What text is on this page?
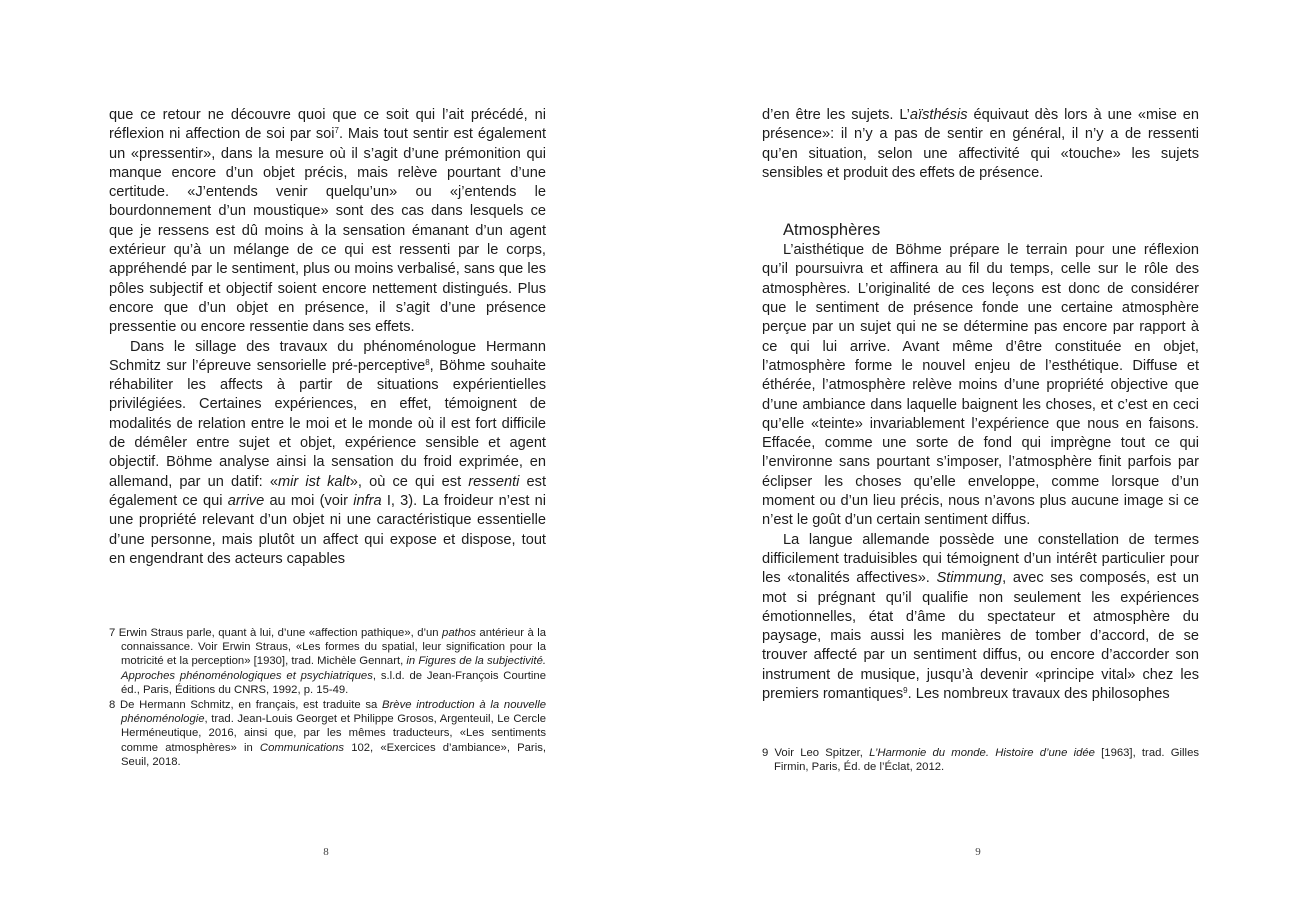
que ce retour ne découvre quoi que ce soit qui l’ait précédé, ni réflexion ni affection de soi par soi$^7$. Mais tout sentir est également un «pressentir», dans la mesure où il s’agit d’une prémonition qui manque encore d’un objet précis, mais relève pourtant d’une certitude. «J’entends venir quelqu’un» ou «j’entends le bourdonnement d’un moustique» sont des cas dans lesquels ce que je ressens est dû moins à la sensation émanant d’un agent extérieur qu’à un mélange de ce qui est ressenti par le corps, appréhendé par le sentiment, plus ou moins verbalisé, sans que les pôles subjectif et objectif soient encore nettement distingués. Plus encore que d’un objet en présence, il s’agit d’une présence pressentie ou encore ressentie dans ses effets.

Dans le sillage des travaux du phénoménologue Hermann Schmitz sur l’épreuve sensorielle pré-perceptive$^8$, Böhme souhaite réhabiliter les affects à partir de situations expérientielles privilégiées. Certaines expériences, en effet, témoignent de modalités de relation entre le moi et le monde où il est fort difficile de démêler entre sujet et objet, expérience sensible et agent objectif. Böhme analyse ainsi la sensation du froid exprimée, en allemand, par un datif: «mir ist kalt», où ce qui est ressenti est également ce qui arrive au moi (voir infra I, 3). La froideur n’est ni une propriété relevant d’un objet ni une caractéristique essentielle d’une personne, mais plutôt un affect qui expose et dispose, tout en engendrant des acteurs capables

7 Erwin Straus parle, quant à lui, d’une «affection pathique», d’un pathos antérieur à la connaissance. Voir Erwin Straus, «Les formes du spatial, leur signification pour la motricité et la perception» [1930], trad. Michèle Gennart, in Figures de la subjectivité. Approches phénoménologiques et psychiatriques, s.l.d. de Jean-François Courtine éd., Paris, Éditions du CNRS, 1992, p. 15-49.

8 De Hermann Schmitz, en français, est traduite sa Brève introduction à la nouvelle phénoménologie, trad. Jean-Louis Georget et Philippe Grosos, Argenteuil, Le Cercle Herméneutique, 2016, ainsi que, par les mêmes traducteurs, «Les sentiments comme atmosphères» in Communications 102, «Exercices d’ambiance», Paris, Seuil, 2018.

8

d’en être les sujets. L’aïsthésis équivaut dès lors à une «mise en présence»: il n’y a pas de sentir en général, il n’y a de ressenti qu’en situation, selon une affectivité qui «touche» les sujets sensibles et produit des effets de présence.

Atmosphères

L’aisthétique de Böhme prépare le terrain pour une réflexion qu’il poursuivra et affinera au fil du temps, celle sur le rôle des atmosphères. L’originalité de ces leçons est donc de considérer que le sentiment de présence fonde une certaine atmosphère perçue par un sujet qui ne se détermine pas encore par rapport à ce qui lui arrive. Avant même d’être constituée en objet, l’atmosphère forme le nouvel enjeu de l’esthétique. Diffuse et éthérée, l’atmosphère relève moins d’une propriété objective que d’une ambiance dans laquelle baignent les choses, et c’est en ceci qu’elle «teinte» invariablement l’expérience que nous en faisons. Effacée, comme une sorte de fond qui imprègne tout ce qui l’environne sans pourtant s’imposer, l’atmosphère finit parfois par éclipser les choses qu’elle enveloppe, comme lorsque d’un moment ou d’un lieu précis, nous n’avons plus aucune image si ce n’est le goût d’un certain sentiment diffus.

La langue allemande possède une constellation de termes difficilement traduisibles qui témoignent d’un intérêt particulier pour les «tonalités affectives». Stimmung, avec ses composés, est un mot si prégnant qu’il qualifie non seulement les expériences émotionnelles, état d’âme du spectateur et atmosphère du paysage, mais aussi les manières de tomber d’accord, de se trouver affecté par un sentiment diffus, ou encore d’accorder son instrument de musique, jusqu’à devenir «principe vital» chez les premiers romantiques$^9$. Les nombreux travaux des philosophes

9 Voir Leo Spitzer, L’Harmonie du monde. Histoire d’une idée [1963], trad. Gilles Firmin, Paris, Éd. de l’Éclat, 2012.

9
